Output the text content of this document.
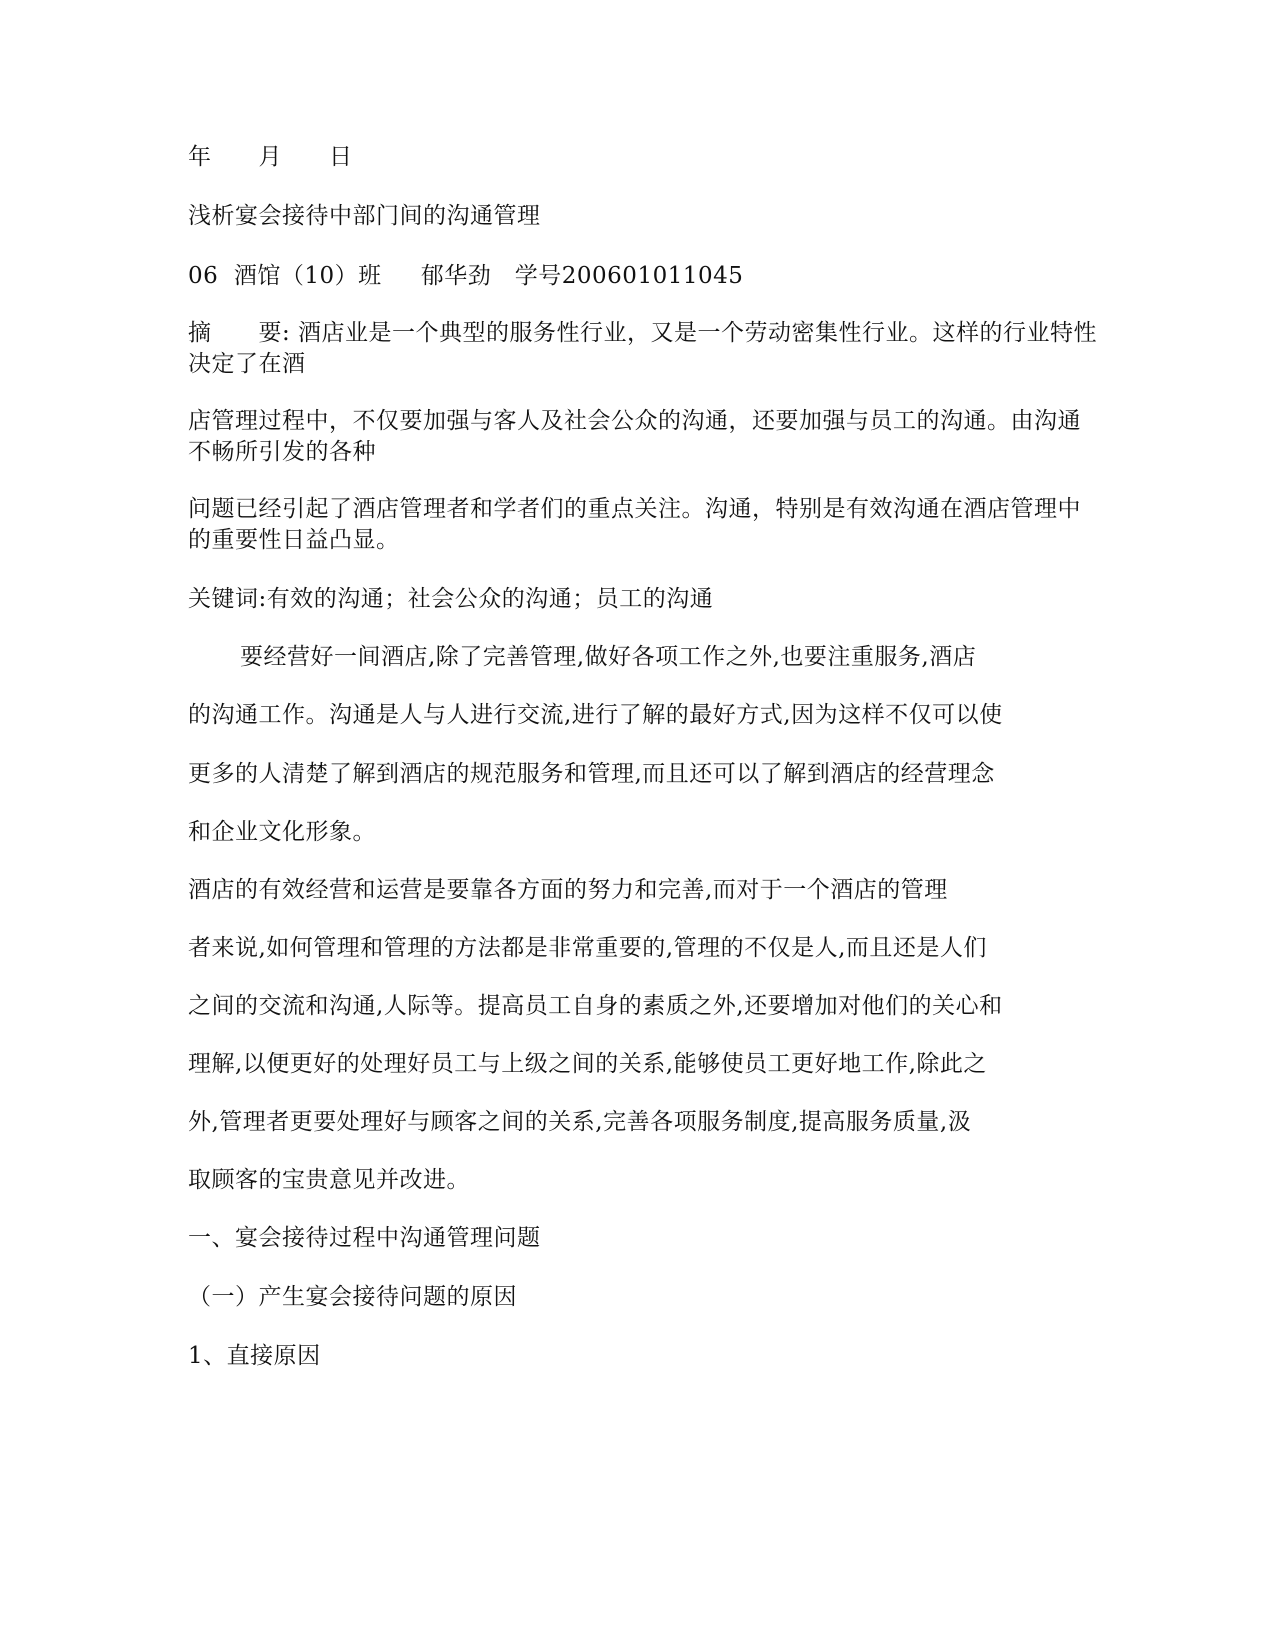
年　　月　　日
浅析宴会接待中部门间的沟通管理
06  酒馆（10）班　  郁华劲　学号200601011045
摘　　要: 酒店业是一个典型的服务性行业，又是一个劳动密集性行业。这样的行业特性决定了在酒
店管理过程中，不仅要加强与客人及社会公众的沟通，还要加强与员工的沟通。由沟通不畅所引发的各种
问题已经引起了酒店管理者和学者们的重点关注。沟通，特别是有效沟通在酒店管理中的重要性日益凸显。
关键词:有效的沟通；社会公众的沟通；员工的沟通
要经营好一间酒店,除了完善管理,做好各项工作之外,也要注重服务,酒店
的沟通工作。沟通是人与人进行交流,进行了解的最好方式,因为这样不仅可以使
更多的人清楚了解到酒店的规范服务和管理,而且还可以了解到酒店的经营理念
和企业文化形象。
酒店的有效经营和运营是要靠各方面的努力和完善,而对于一个酒店的管理
者来说,如何管理和管理的方法都是非常重要的,管理的不仅是人,而且还是人们
之间的交流和沟通,人际等。提高员工自身的素质之外,还要增加对他们的关心和
理解,以便更好的处理好员工与上级之间的关系,能够使员工更好地工作,除此之
外,管理者更要处理好与顾客之间的关系,完善各项服务制度,提高服务质量,汲
取顾客的宝贵意见并改进。
一、宴会接待过程中沟通管理问题
（一）产生宴会接待问题的原因
1、直接原因
